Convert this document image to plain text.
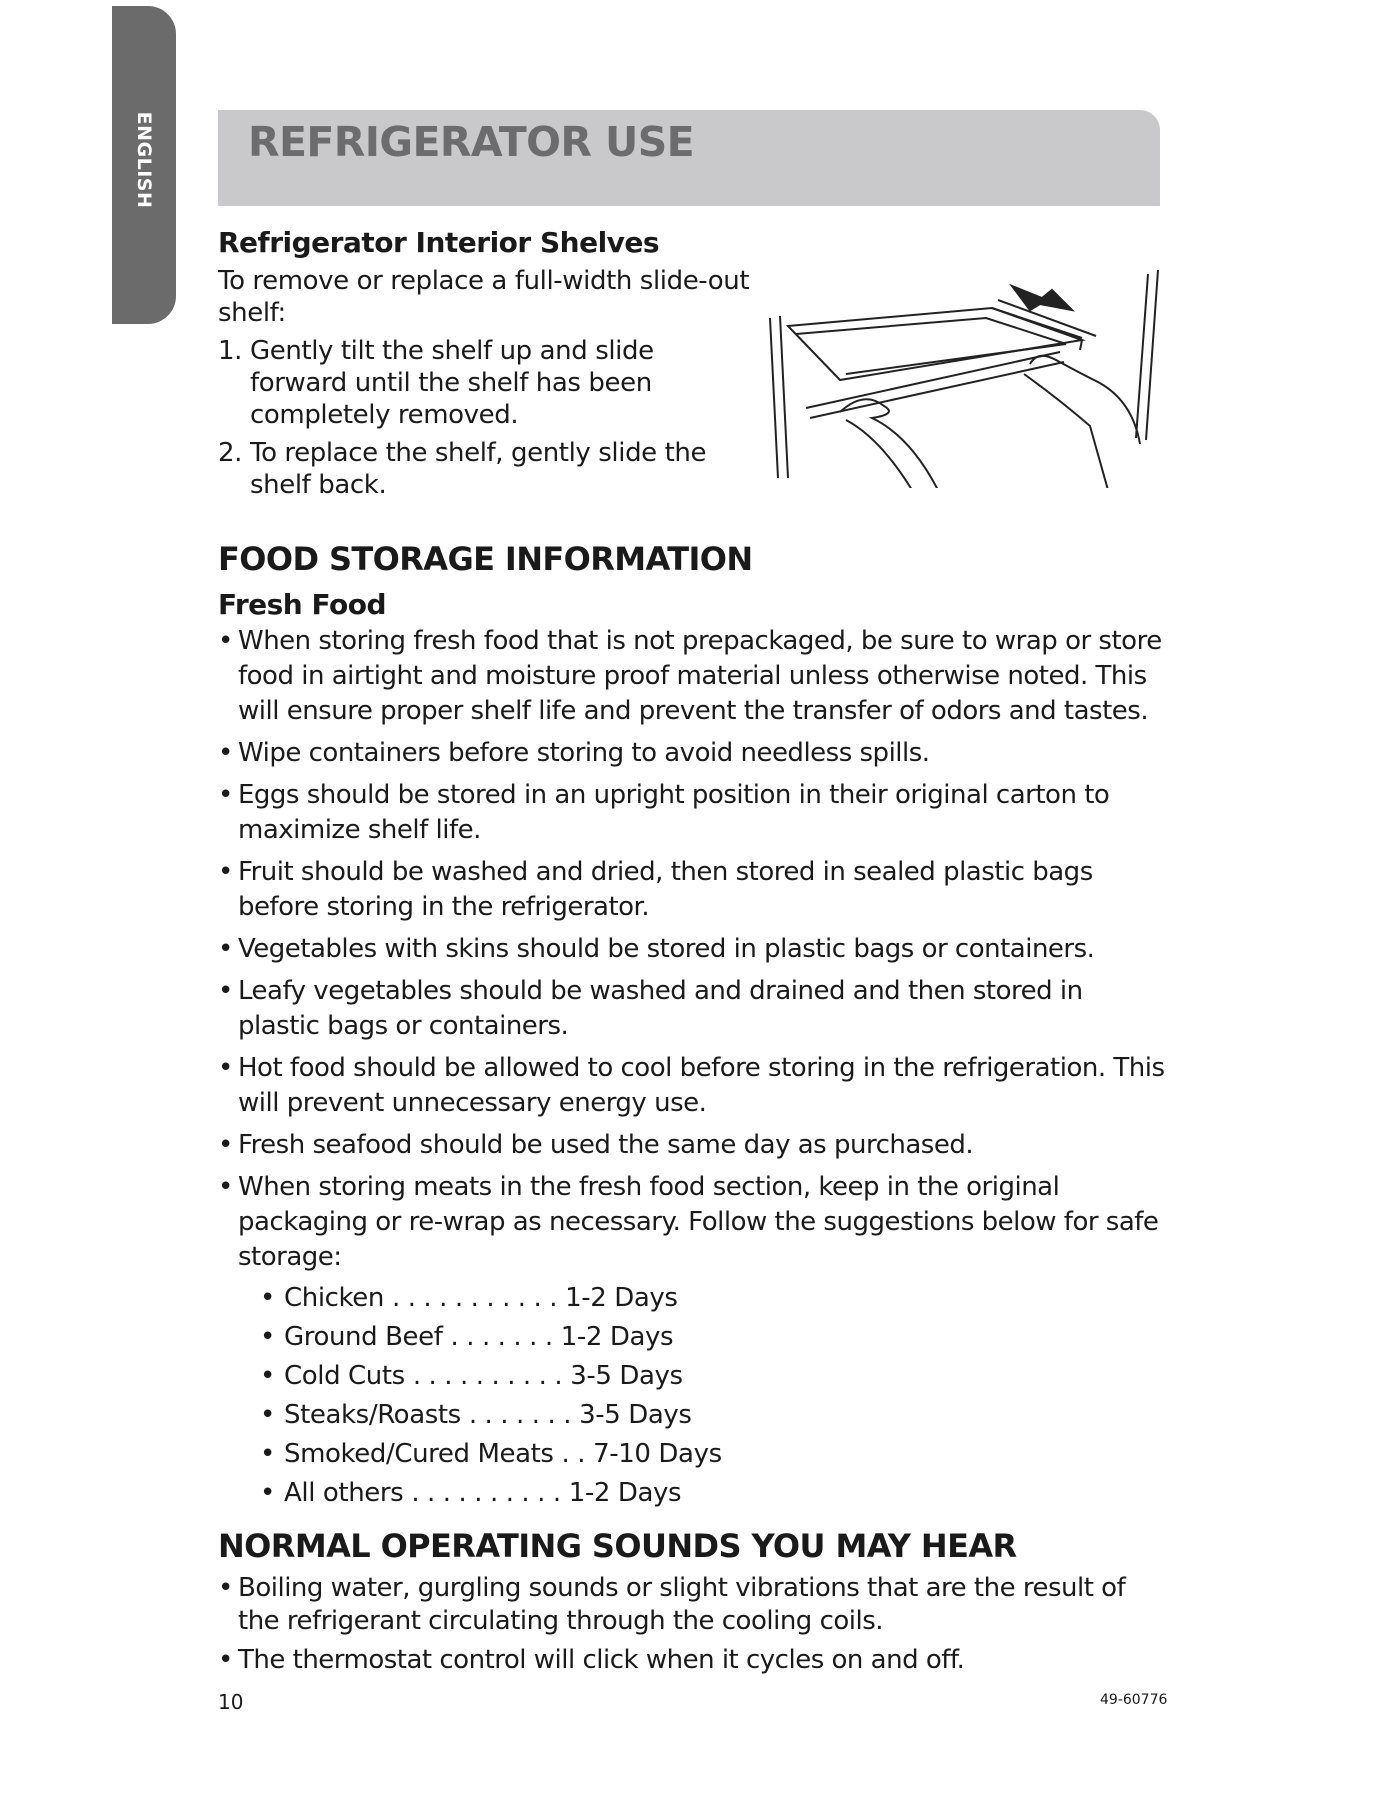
ENGLISH REFRIGERATOR USE
Refrigerator Interior Shelves

To remove or replace a full-width slide-out shelf:

1. Gently tilt the shelf up and slide forward until the shelf has been completely removed.
2. To replace the shelf, gently slide the shelf back.
FOOD STORAGE INFORMATION
Fresh Food
• When storing fresh food that is not prepackaged, be sure to wrap or store food in airtight and moisture proof material unless otherwise noted. This will ensure proper shelf life and prevent the transfer of odors and tastes.
• Wipe containers before storing to avoid needless spills.
• Eggs should be stored in an upright position in their original carton to maximize shelf life.
• Fruit should be washed and dried, then stored in sealed plastic bags before storing in the refrigerator.
• Vegetables with skins should be stored in plastic bags or containers.
• Leafy vegetables should be washed and drained and then stored in plastic bags or containers.
• Hot food should be allowed to cool before storing in the refrigeration. This will prevent unnecessary energy use.
• Fresh seafood should be used the same day as purchased.
• When storing meats in the fresh food section, keep in the original packaging or re-wrap as necessary. Follow the suggestions below for safe storage:
• Chicken . . . . . . . . . . . 1-2 Days
• Ground Beef . . . . . . . 1-2 Days
• Cold Cuts . . . . . . . . . . 3-5 Days
• Steaks/Roasts . . . . . . . 3-5 Days
• Smoked/Cured Meats . . 7-10 Days
• All others . . . . . . . . . . 1-2 Days
NORMAL OPERATING SOUNDS YOU MAY HEAR
• Boiling water, gurgling sounds or slight vibrations that are the result of the refrigerant circulating through the cooling coils.
• The thermostat control will click when it cycles on and off.
10	49-60776
